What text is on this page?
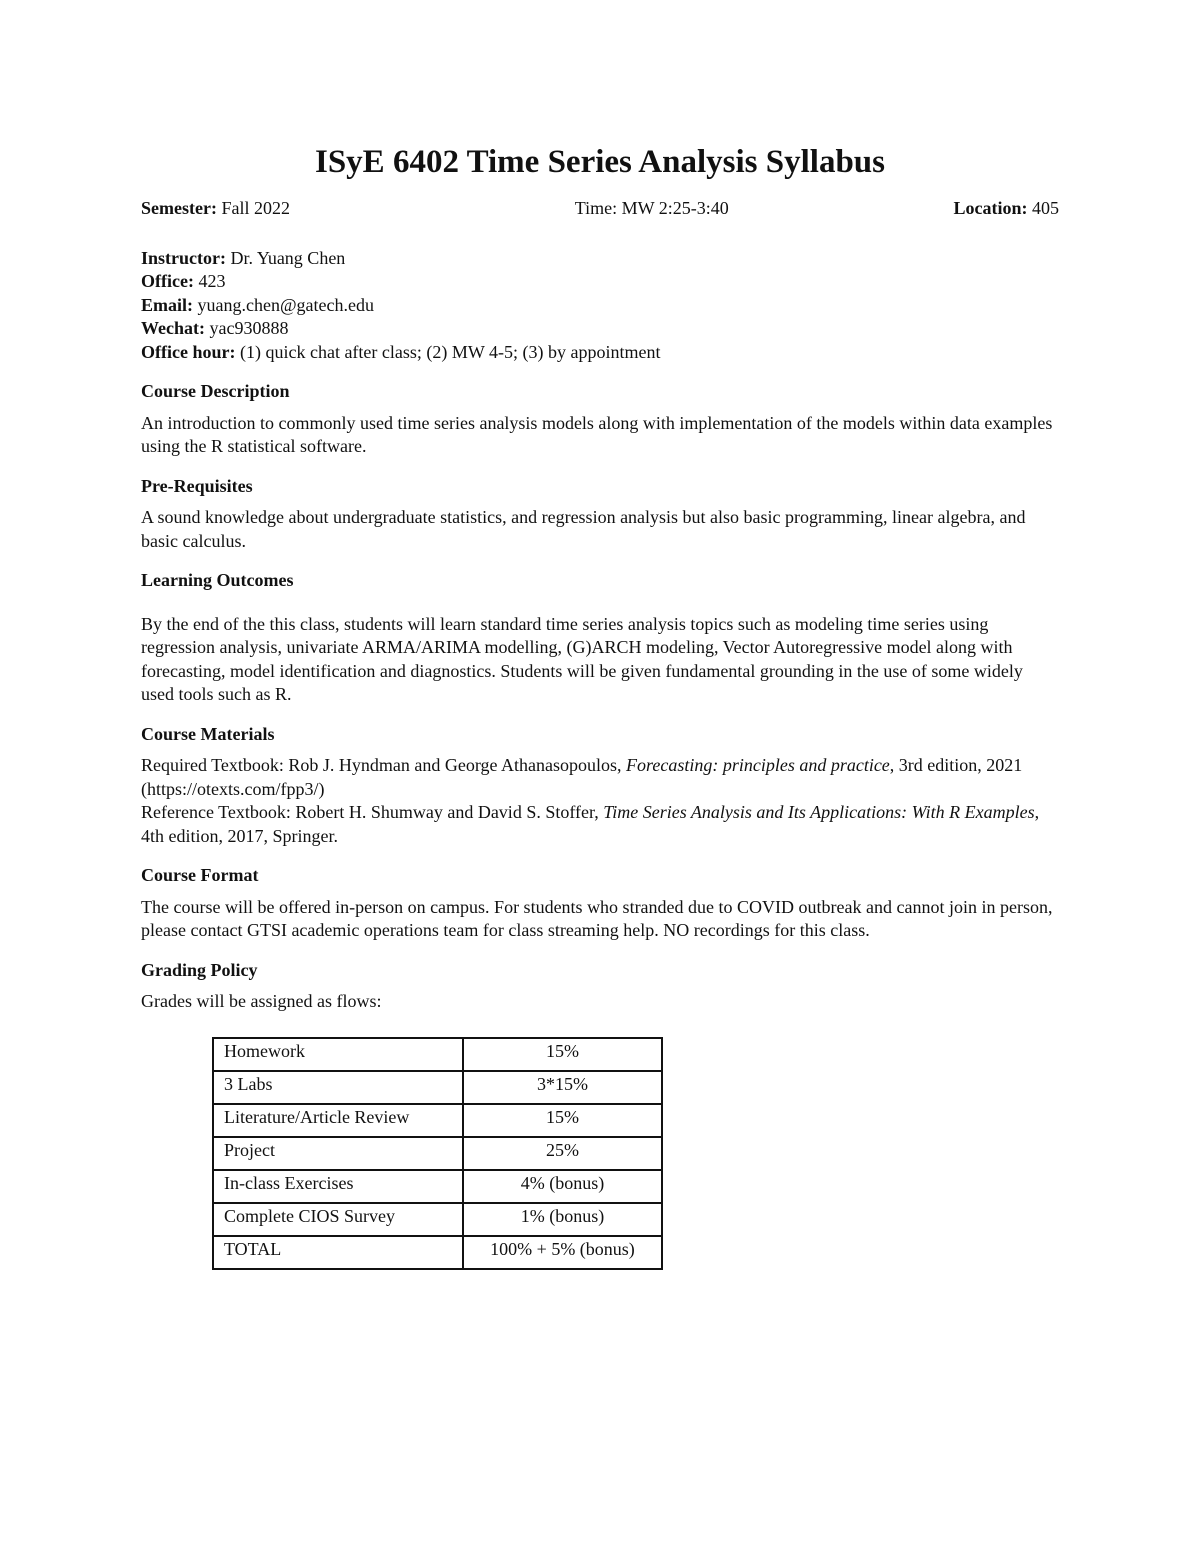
ISyE 6402 Time Series Analysis Syllabus
Semester: Fall 2022	Time: MW 2:25-3:40	Location: 405
Instructor: Dr. Yuang Chen
Office: 423
Email: yuang.chen@gatech.edu
Wechat: yac930888
Office hour: (1) quick chat after class; (2) MW 4-5; (3) by appointment
Course Description

An introduction to commonly used time series analysis models along with implementation of the models within data examples using the R statistical software.

Pre-Requisites

A sound knowledge about undergraduate statistics, and regression analysis but also basic programming, linear algebra, and basic calculus.

Learning Outcomes

By the end of the this class, students will learn standard time series analysis topics such as modeling time series using regression analysis, univariate ARMA/ARIMA modelling, (G)ARCH modeling, Vector Autoregressive model along with forecasting, model identification and diagnostics. Students will be given fundamental grounding in the use of some widely used tools such as R.

Course Materials

Required Textbook: Rob J. Hyndman and George Athanasopoulos, Forecasting: principles and practice, 3rd edition, 2021 (https://otexts.com/fpp3/)
Reference Textbook: Robert H. Shumway and David S. Stoffer, Time Series Analysis and Its Applications: With R Examples, 4th edition, 2017, Springer.

Course Format

The course will be offered in-person on campus. For students who stranded due to COVID outbreak and cannot join in person, please contact GTSI academic operations team for class streaming help. NO recordings for this class.

Grading Policy

Grades will be assigned as flows:

Homework	15%
3 Labs	3*15%
Literature/Article Review	15%
Project	25%
In-class Exercises	4% (bonus)
Complete CIOS Survey	1% (bonus)
TOTAL	100% + 5% (bonus)
